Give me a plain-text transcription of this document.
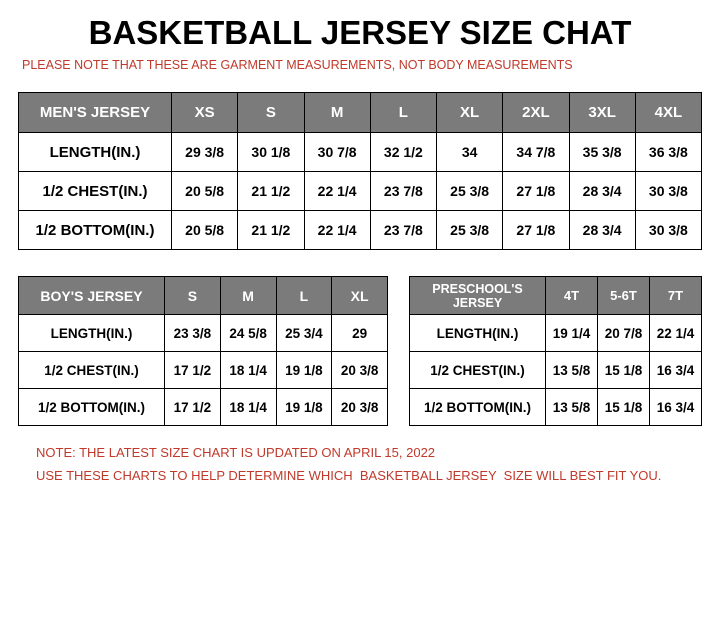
BASKETBALL JERSEY SIZE CHAT
PLEASE NOTE THAT THESE ARE GARMENT MEASUREMENTS, NOT BODY MEASUREMENTS
MEN'S JERSEY	XS	S	M	L	XL	2XL	3XL	4XL
LENGTH(IN.)	29 3/8	30 1/8	30 7/8	32 1/2	34	34 7/8	35 3/8	36 3/8
1/2 CHEST(IN.)	20 5/8	21 1/2	22 1/4	23 7/8	25 3/8	27 1/8	28 3/4	30 3/8
1/2 BOTTOM(IN.)	20 5/8	21 1/2	22 1/4	23 7/8	25 3/8	27 1/8	28 3/4	30 3/8
BOY'S JERSEY	S	M	L	XL
LENGTH(IN.)	23 3/8	24 5/8	25 3/4	29
1/2 CHEST(IN.)	17 1/2	18 1/4	19 1/8	20 3/8
1/2 BOTTOM(IN.)	17 1/2	18 1/4	19 1/8	20 3/8
PRESCHOOL'S JERSEY	4T	5-6T	7T
LENGTH(IN.)	19 1/4	20 7/8	22 1/4
1/2 CHEST(IN.)	13 5/8	15 1/8	16 3/4
1/2 BOTTOM(IN.)	13 5/8	15 1/8	16 3/4
NOTE: THE LATEST SIZE CHART IS UPDATED ON APRIL 15, 2022
USE THESE CHARTS TO HELP DETERMINE WHICH  BASKETBALL JERSEY  SIZE WILL BEST FIT YOU.
